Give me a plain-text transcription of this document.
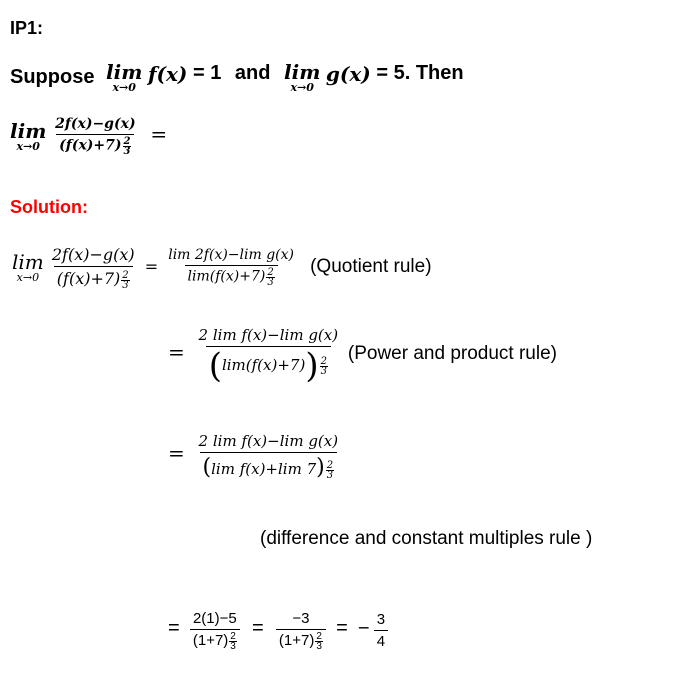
IP1:
Suppose lim
x→0
f(x) = 1 and lim
x→0
g(x) = 5. Then
lim
x→0
$\frac{2f(x)-g(x)}{(f(x)+7) \frac{2}{3}}$ =
Solution:
lim
x→0
$\frac{2f(x)-g(x)}{(f(x)+7) \frac{2}{3}} = \frac{\text{lim 2f(x)−lim g(x)}}{\lim(f(x)+7) \frac{2}{3}}$ (Quotient rule)
= $\frac{\text{2 lim f(x)−lim g(x)}}{(\lim(f(x)+7)) \frac{2}{3}}$ (Power and product rule)
= $\frac{\text{2 lim f(x)−lim g(x)}}{(\lim f(x)+\lim 7) \frac{2}{3}}$
(difference and constant multiples rule )
= $\frac{2(1)-5}{(1+7) \frac{2}{3}} = \frac{-3}{(1+7) \frac{2}{3}}$ = − $\frac{3}{4}$
